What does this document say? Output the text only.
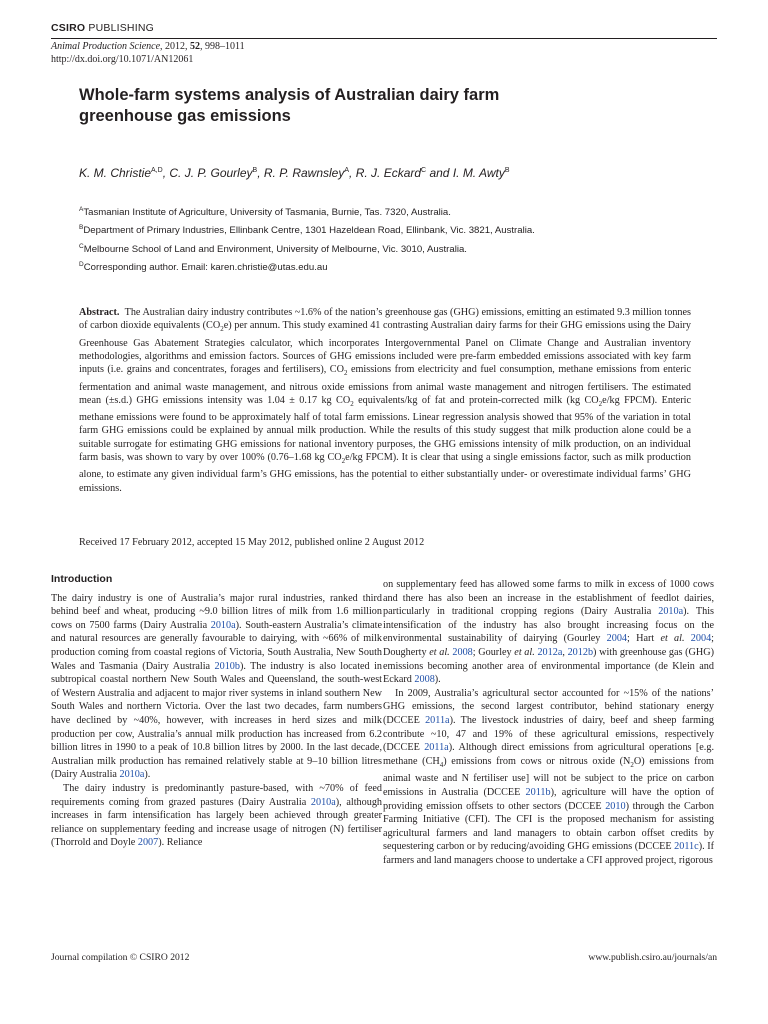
CSIRO PUBLISHING
Animal Production Science, 2012, 52, 998–1011
http://dx.doi.org/10.1071/AN12061
Whole-farm systems analysis of Australian dairy farm
greenhouse gas emissions
K. M. Christie$^{A,D}$, C. J. P. Gourley$^B$, R. P. Rawnsley$^A$, R. J. Eckard$^C$ and I. M. Awty$^B$
$^A$Tasmanian Institute of Agriculture, University of Tasmania, Burnie, Tas. 7320, Australia.
$^B$Department of Primary Industries, Ellinbank Centre, 1301 Hazeldean Road, Ellinbank, Vic. 3821, Australia.
$^C$Melbourne School of Land and Environment, University of Melbourne, Vic. 3010, Australia.
$^D$Corresponding author. Email: karen.christie@utas.edu.au
Abstract. The Australian dairy industry contributes ~1.6% of the nation’s greenhouse gas (GHG) emissions, emitting an estimated 9.3 million tonnes of carbon dioxide equivalents $(CO_2e)$ per annum. This study examined 41 contrasting Australian dairy farms for their GHG emissions using the Dairy Greenhouse Gas Abatement Strategies calculator, which incorporates Intergovernmental Panel on Climate Change and Australian inventory methodologies, algorithms and emission factors. Sources of GHG emissions included were pre-farm embedded emissions associated with key farm inputs (i.e. grains and concentrates, forages and fertilisers), $CO_2$ emissions from electricity and fuel consumption, methane emissions from enteric fermentation and animal waste management, and nitrous oxide emissions from animal waste management and nitrogen fertilisers. The estimated mean (±s.d.) GHG emissions intensity was 1.04 ± 0.17 kg $CO_2$ equivalents/kg of fat and protein-corrected milk (kg $CO_2e/kg$ FPCM). Enteric methane emissions were found to be approximately half of total farm emissions. Linear regression analysis showed that 95% of the variation in total farm GHG emissions could be explained by annual milk production. While the results of this study suggest that milk production alone could be a suitable surrogate for estimating GHG emissions for national inventory purposes, the GHG emissions intensity of milk production, on an individual farm basis, was shown to vary by over 100% (0.76–1.68 kg $CO_2e/kg$ FPCM). It is clear that using a single emissions factor, such as milk production alone, to estimate any given individual farm’s GHG emissions, has the potential to either substantially under- or overestimate individual farms’ GHG emissions.
Received 17 February 2012, accepted 15 May 2012, published online 2 August 2012
Introduction

The dairy industry is one of Australia’s major rural industries, ranked third behind beef and wheat, producing ~9.0 billion litres of milk from 1.6 million cows on 7500 farms (Dairy Australia 2010a). South-eastern Australia’s climate and natural resources are generally favourable to dairying, with ~66% of milk production coming from coastal regions of Victoria, South Australia, New South Wales and Tasmania (Dairy Australia 2010b). The industry is also located in subtropical coastal northern New South Wales and Queensland, the south-west of Western Australia and adjacent to major river systems in inland southern New South Wales and northern Victoria. Over the last two decades, farm numbers have declined by ~40%, however, with increases in herd sizes and milk production per cow, Australia’s annual milk production has increased from 6.2 billion litres in 1990 to a peak of 10.8 billion litres by 2000. In the last decade, Australian milk production has remained relatively stable at 9–10 billion litres (Dairy Australia 2010a).

The dairy industry is predominantly pasture-based, with ~70% of feed requirements coming from grazed pastures (Dairy Australia 2010a), although increases in farm intensification has largely been achieved through greater reliance on supplementary feeding and increase usage of nitrogen (N) fertiliser (Thorrold and Doyle 2007). Reliance

on supplementary feed has allowed some farms to milk in excess of 1000 cows and there has also been an increase in the establishment of feedlot dairies, particularly in traditional cropping regions (Dairy Australia 2010a). This intensification of the industry has also brought increasing focus on the environmental sustainability of dairying (Gourley 2004; Hart et al. 2004; Dougherty et al. 2008; Gourley et al. 2012a, 2012b) with greenhouse gas (GHG) emissions becoming another area of environmental importance (de Klein and Eckard 2008).

In 2009, Australia’s agricultural sector accounted for ~15% of the nations’ GHG emissions, the second largest contributor, behind stationary energy (DCCEE 2011a). The livestock industries of dairy, beef and sheep farming contribute ~10, 47 and 19% of these agricultural emissions, respectively (DCCEE 2011a). Although direct emissions from agricultural operations [e.g. methane $(CH_4)$ emissions from cows or nitrous oxide $(N_2O)$ emissions from animal waste and N fertiliser use] will not be subject to the price on carbon emissions in Australia (DCCEE 2011b), agriculture will have the option of providing emission offsets to other sectors (DCCEE 2010) through the Carbon Farming Initiative (CFI). The CFI is the proposed mechanism for assisting agricultural farmers and land managers to obtain carbon offset credits by sequestering carbon or by reducing/avoiding GHG emissions (DCCEE 2011c). If farmers and land managers choose to undertake a CFI approved project, rigorous

Journal compilation © CSIRO 2012	www.publish.csiro.au/journals/an
